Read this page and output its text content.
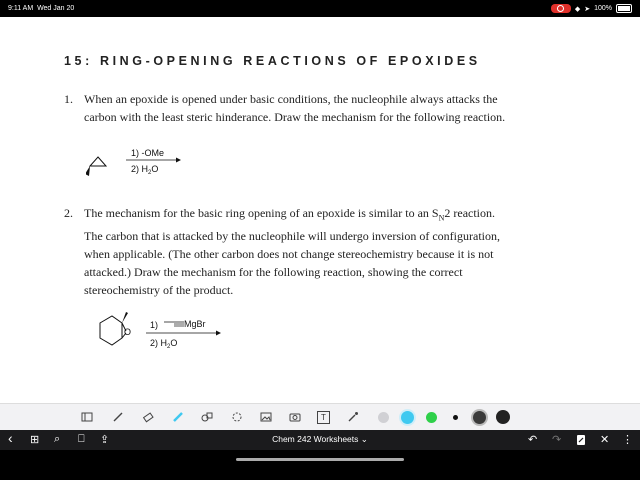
9:11 AM Wed Jan 20	◆ ➤ 100%
15: RING-OPENING REACTIONS OF EPOXIDES
1. When an epoxide is opened under basic conditions, the nucleophile always attacks the
carbon with the least steric hinderance. Draw the mechanism for the following reaction.
1) -OMe
2) $H_2O$
2. The mechanism for the basic ring opening of an epoxide is similar to an $S_N2$ reaction.
The carbon that is attacked by the nucleophile will undergo inversion of configuration,
when applicable. (The other carbon does not change stereochemistry because it is not
attacked.) Draw the mechanism for the following reaction, showing the correct
stereochemistry of the product.
O
1)	MgBr
2) $H_2O$
T
‹ ⊞ ⌕ ⎕ ⇪	Chem 242 Worksheets ⌄	↶ ↷	✕ ⋮
